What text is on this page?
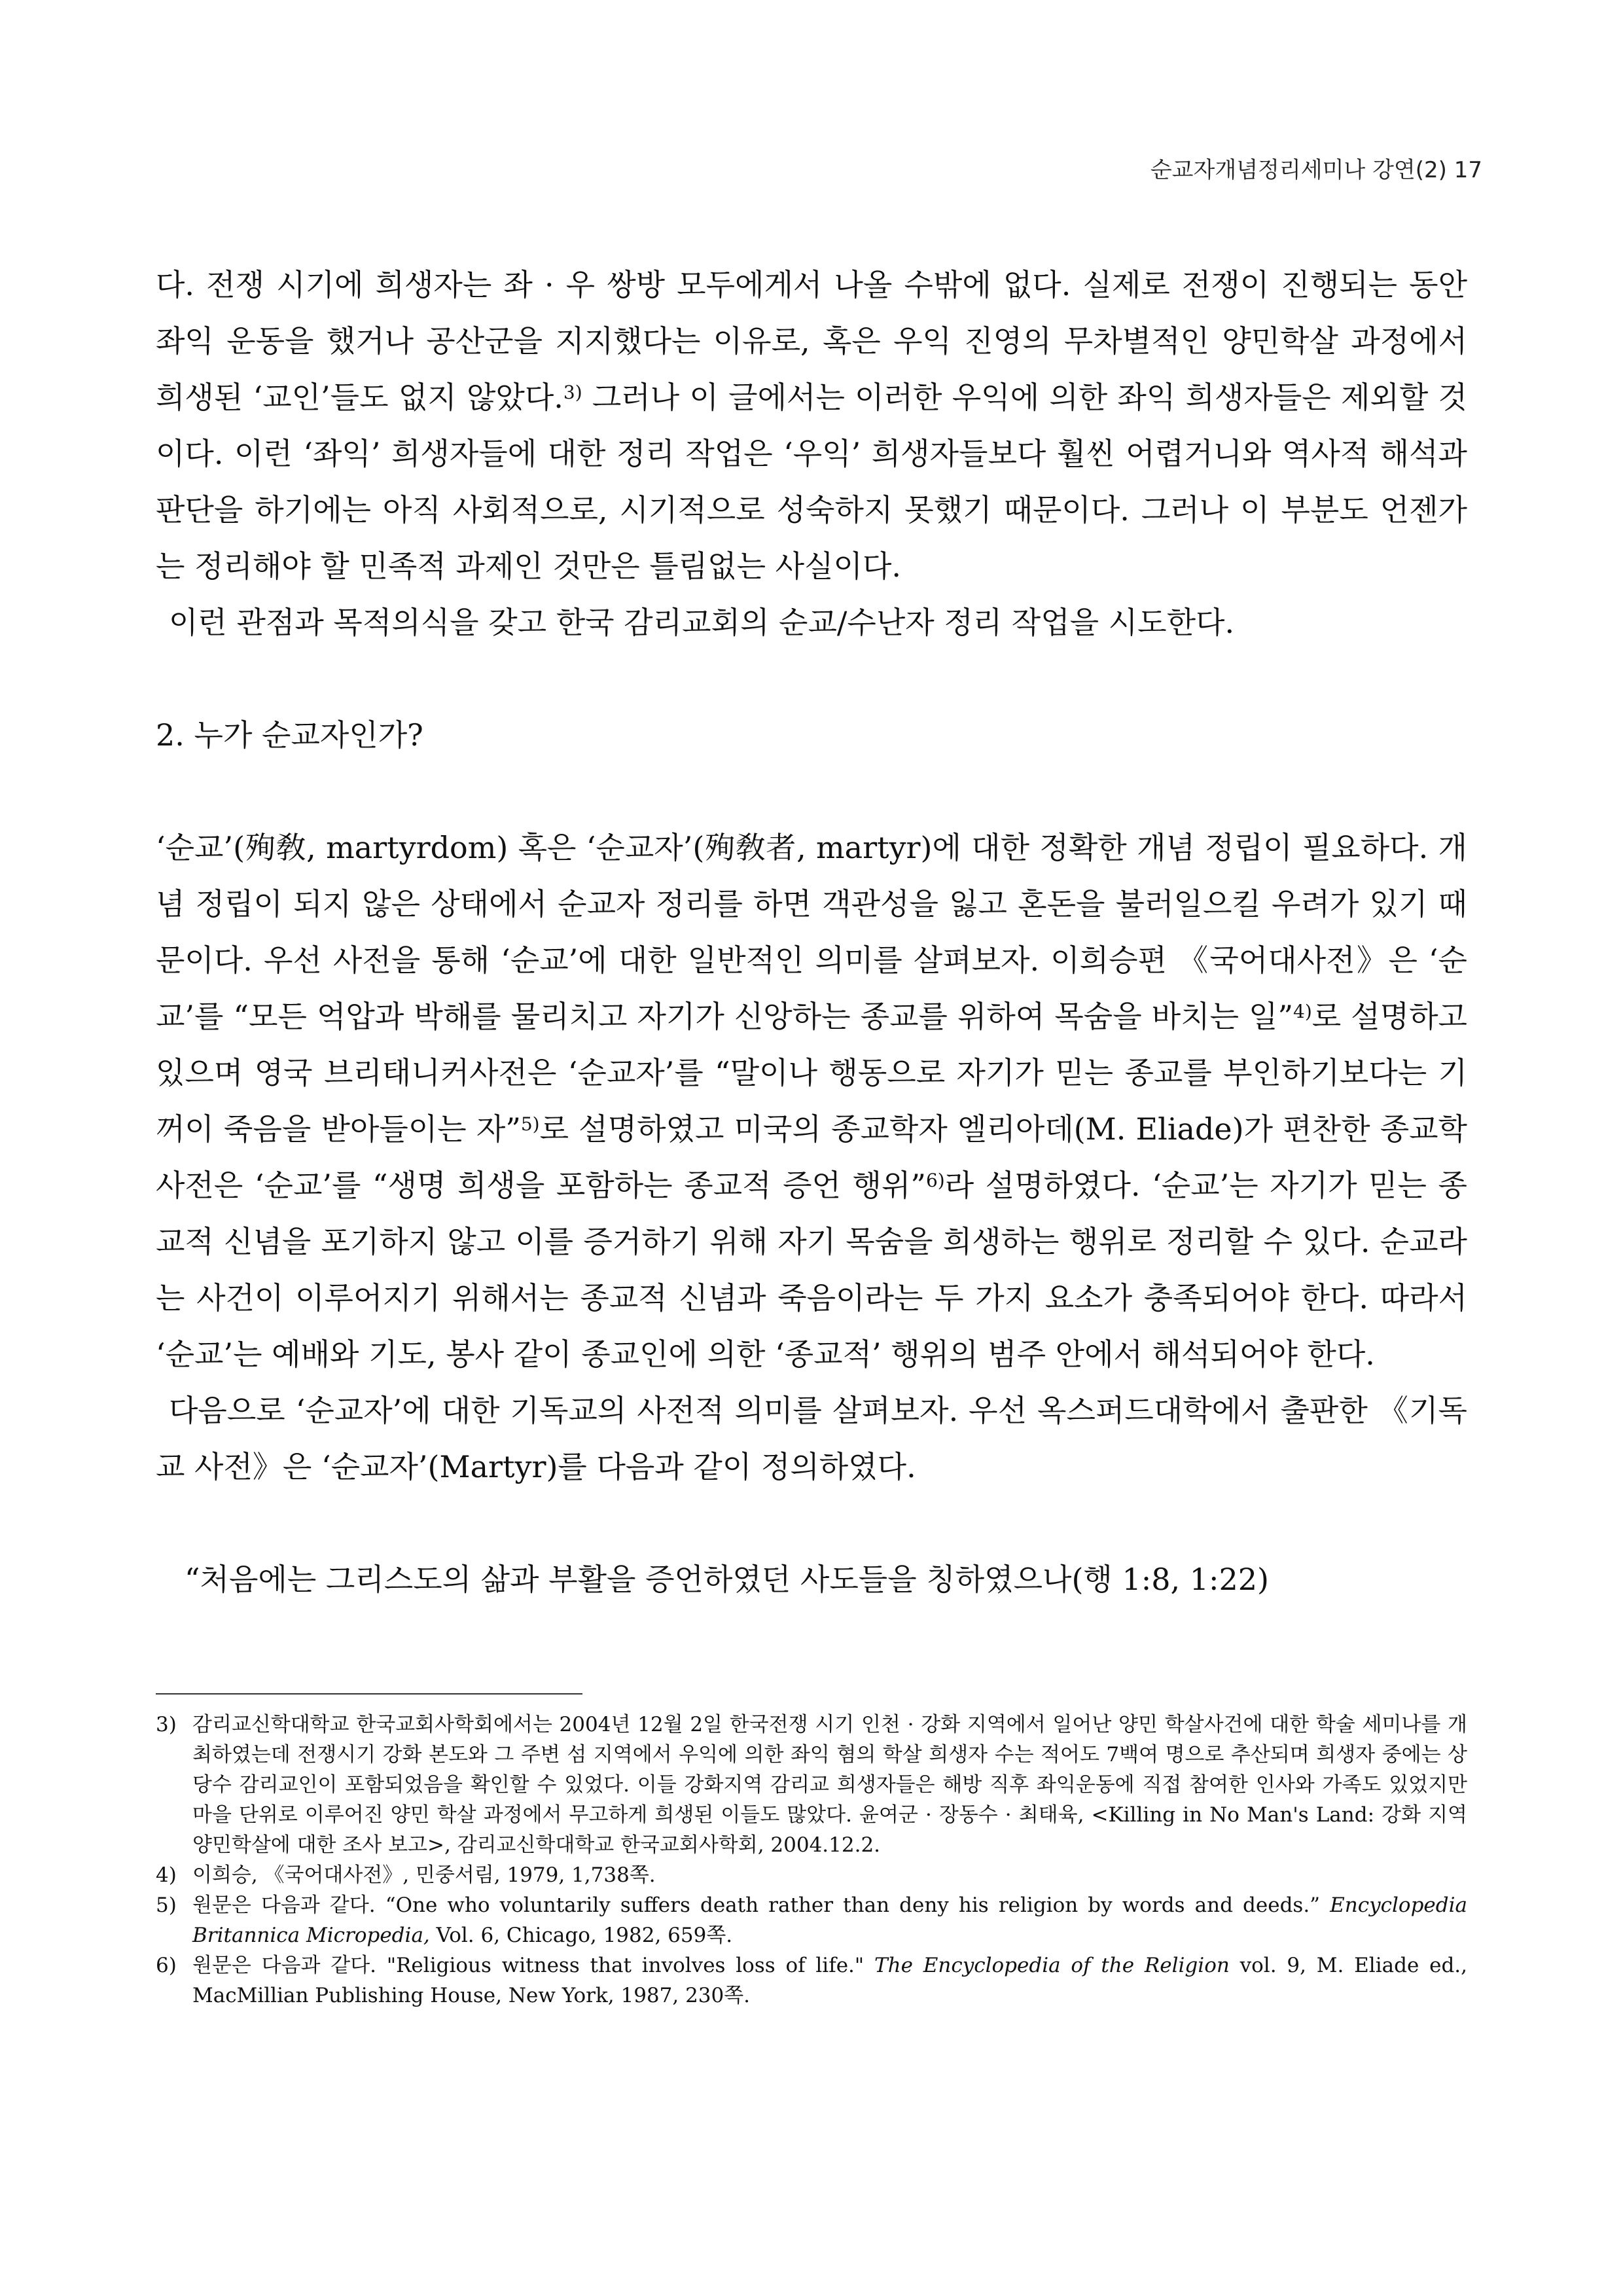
순교자개념정리세미나 강연(2) 17

다. 전쟁 시기에 희생자는 좌 · 우 쌍방 모두에게서 나올 수밖에 없다. 실제로 전쟁이 진행되는 동안 좌익 운동을 했거나 공산군을 지지했다는 이유로, 혹은 우익 진영의 무차별적인 양민학살 과정에서 희생된 ‘교인’들도 없지 않았다.$^{3)}$ 그러나 이 글에서는 이러한 우익에 의한 좌익 희생자들은 제외할 것이다. 이런 ‘좌익’ 희생자들에 대한 정리 작업은 ‘우익’ 희생자들보다 훨씬 어렵거니와 역사적 해석과 판단을 하기에는 아직 사회적으로, 시기적으로 성숙하지 못했기 때문이다. 그러나 이 부분도 언젠가는 정리해야 할 민족적 과제인 것만은 틀림없는 사실이다.

이런 관점과 목적의식을 갖고 한국 감리교회의 순교/수난자 정리 작업을 시도한다.

2. 누가 순교자인가?

‘순교’(殉敎, martyrdom) 혹은 ‘순교자’(殉敎者, martyr)에 대한 정확한 개념 정립이 필요하다. 개념 정립이 되지 않은 상태에서 순교자 정리를 하면 객관성을 잃고 혼돈을 불러일으킬 우려가 있기 때문이다. 우선 사전을 통해 ‘순교’에 대한 일반적인 의미를 살펴보자. 이희승편 《국어대사전》은 ‘순교’를 “모든 억압과 박해를 물리치고 자기가 신앙하는 종교를 위하여 목숨을 바치는 일”$^{4)}$로 설명하고 있으며 영국 브리태니커사전은 ‘순교자’를 “말이나 행동으로 자기가 믿는 종교를 부인하기보다는 기꺼이 죽음을 받아들이는 자”$^{5)}$로 설명하였고 미국의 종교학자 엘리아데(M. Eliade)가 편찬한 종교학사전은 ‘순교’를 “생명 희생을 포함하는 종교적 증언 행위”$^{6)}$라 설명하였다. ‘순교’는 자기가 믿는 종교적 신념을 포기하지 않고 이를 증거하기 위해 자기 목숨을 희생하는 행위로 정리할 수 있다. 순교라는 사건이 이루어지기 위해서는 종교적 신념과 죽음이라는 두 가지 요소가 충족되어야 한다. 따라서 ‘순교’는 예배와 기도, 봉사 같이 종교인에 의한 ‘종교적’ 행위의 범주 안에서 해석되어야 한다.

다음으로 ‘순교자’에 대한 기독교의 사전적 의미를 살펴보자. 우선 옥스퍼드대학에서 출판한 《기독교 사전》은 ‘순교자’(Martyr)를 다음과 같이 정의하였다.

“처음에는 그리스도의 삶과 부활을 증언하였던 사도들을 칭하였으나(행 1:8, 1:22)

3) 감리교신학대학교 한국교회사학회에서는 2004년 12월 2일 한국전쟁 시기 인천 · 강화 지역에서 일어난 양민 학살사건에 대한 학술 세미나를 개최하였는데 전쟁시기 강화 본도와 그 주변 섬 지역에서 우익에 의한 좌익 혐의 학살 희생자 수는 적어도 7백여 명으로 추산되며 희생자 중에는 상당수 감리교인이 포함되었음을 확인할 수 있었다. 이들 강화지역 감리교 희생자들은 해방 직후 좌익운동에 직접 참여한 인사와 가족도 있었지만 마을 단위로 이루어진 양민 학살 과정에서 무고하게 희생된 이들도 많았다. 윤여군 · 장동수 · 최태육, <Killing in No Man's Land: 강화 지역 양민학살에 대한 조사 보고>, 감리교신학대학교 한국교회사학회, 2004.12.2.
4) 이희승, 《국어대사전》, 민중서림, 1979, 1,738쪽.
5) 원문은 다음과 같다. “One who voluntarily suffers death rather than deny his religion by words and deeds.” Encyclopedia Britannica Micropedia, Vol. 6, Chicago, 1982, 659쪽.
6) 원문은 다음과 같다. "Religious witness that involves loss of life." The Encyclopedia of the Religion vol. 9, M. Eliade ed., MacMillian Publishing House, New York, 1987, 230쪽.
